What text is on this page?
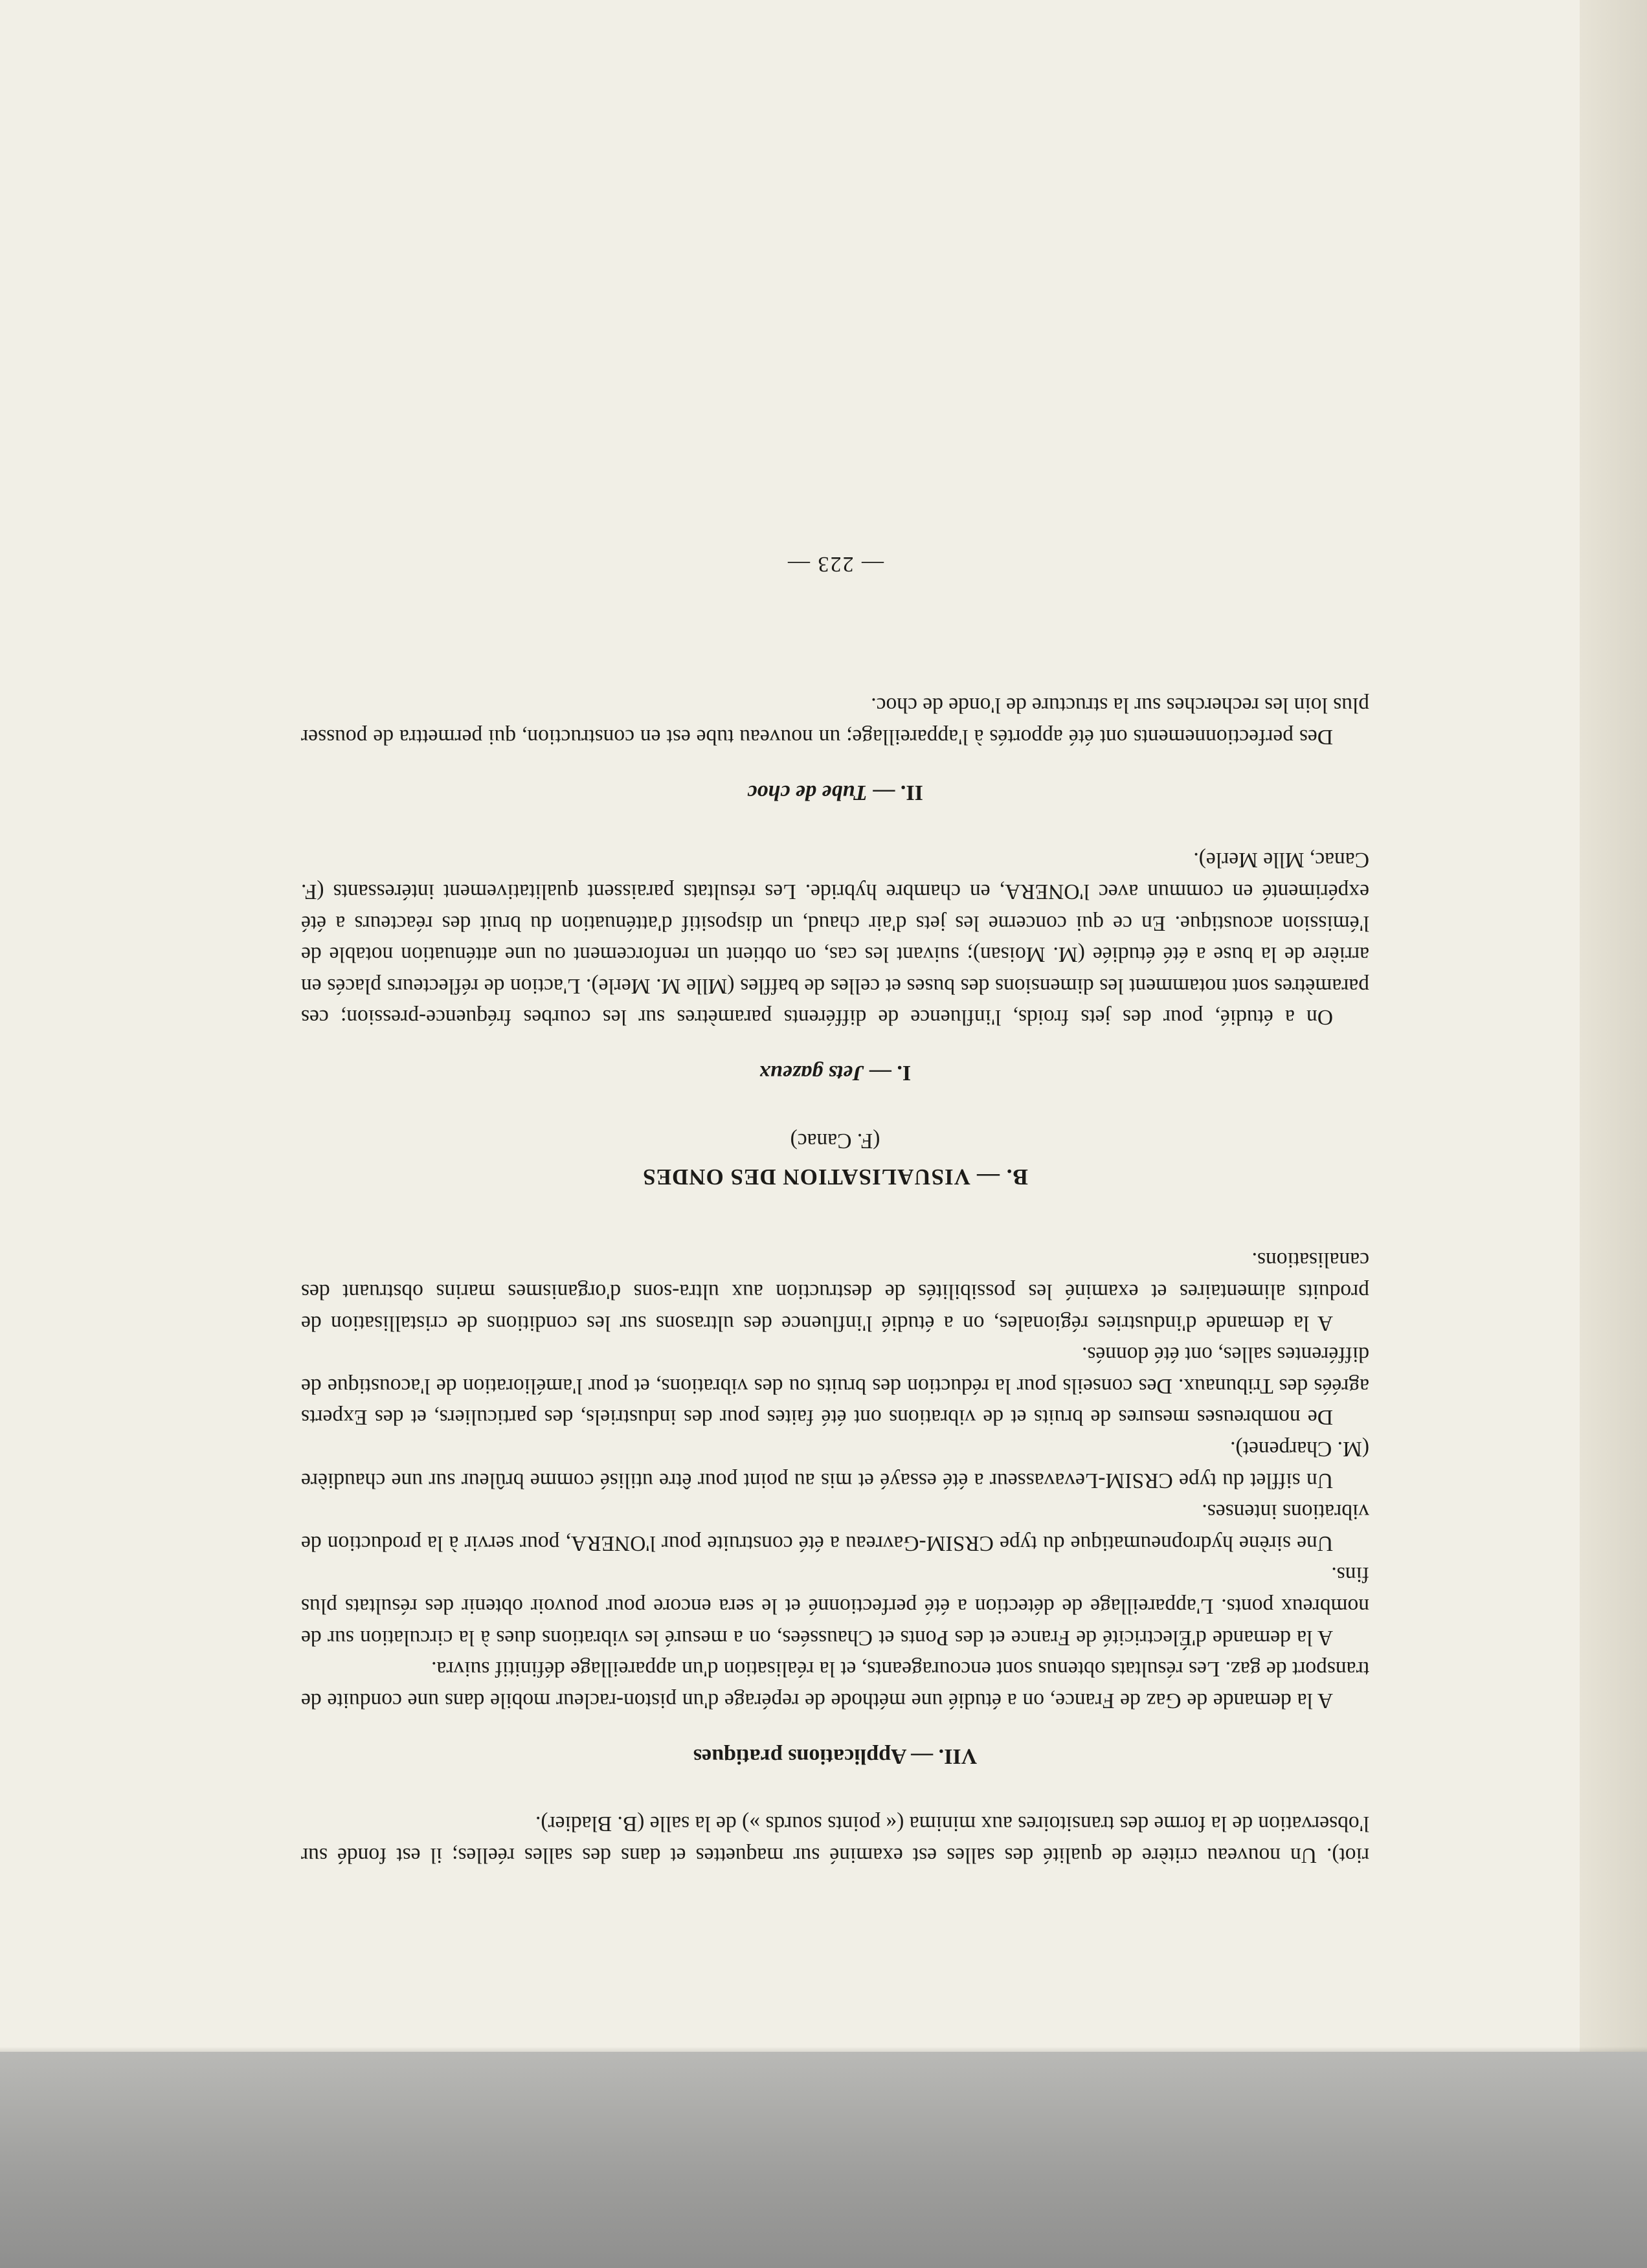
riot). Un nouveau critère de qualité des salles est examiné sur maquettes et dans des salles réelles; il est fondé sur l'observation de la forme des transitoires aux minima (« points sourds ») de la salle (B. Bladier).

VII. — Applications pratiques

A la demande de Gaz de France, on a étudié une méthode de repérage d'un piston-racleur mobile dans une conduite de transport de gaz. Les résultats obtenus sont encourageants, et la réalisation d'un appareillage définitif suivra.

A la demande d'Électricité de France et des Ponts et Chaussées, on a mesuré les vibrations dues à la circulation sur de nombreux ponts. L'appareillage de détection a été perfectionné et le sera encore pour pouvoir obtenir des résultats plus fins.

Une sirène hydropneumatique du type CRSIM-Gavreau a été construite pour l'ONERA, pour servir à la production de vibrations intenses.

Un sifflet du type CRSIM-Levavasseur a été essayé et mis au point pour être utilisé comme brûleur sur une chaudière (M. Charpenet).

De nombreuses mesures de bruits et de vibrations ont été faites pour des industriels, des particuliers, et des Experts agréés des Tribunaux. Des conseils pour la réduction des bruits ou des vibrations, et pour l'amélioration de l'acoustique de différentes salles, ont été donnés.

A la demande d'industries régionales, on a étudié l'influence des ultrasons sur les conditions de cristallisation de produits alimentaires et examiné les possibilités de destruction aux ultra-sons d'organismes marins obstruant des canalisations.

B. — VISUALISATION DES ONDES
(F. Canac)
I. — Jets gazeux

On a étudié, pour des jets froids, l'influence de différents paramètres sur les courbes fréquence-pression; ces paramètres sont notamment les dimensions des buses et celles de baffles (Mlle M. Merle). L'action de réflecteurs placés en arrière de la buse a été étudiée (M. Moisan); suivant les cas, on obtient un renforcement ou une atténuation notable de l'émission acoustique. En ce qui concerne les jets d'air chaud, un dispositif d'atténuation du bruit des réacteurs a été expérimenté en commun avec l'ONERA, en chambre hybride. Les résultats paraissent qualitativement intéressants (F. Canac, Mlle Merle).

II. — Tube de choc

Des perfectionnements ont été apportés à l'appareillage; un nouveau tube est en construction, qui permettra de pousser plus loin les recherches sur la structure de l'onde de choc.

— 223 —
